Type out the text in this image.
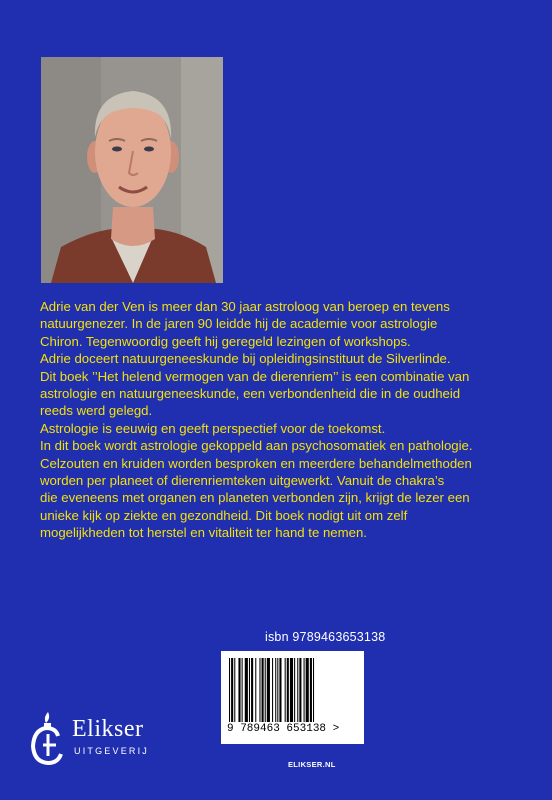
Adrie van der Ven is meer dan 30 jaar astroloog van beroep en tevens

natuurgenezer. In de jaren 90 leidde hij de academie voor astrologie

Chiron. Tegenwoordig geeft hij geregeld lezingen of workshops.

Adrie doceert natuurgeneeskunde bij opleidingsinstituut de Silverlinde.

Dit boek ’’Het helend vermogen van de dierenriem’’ is een combinatie van

astrologie en natuurgeneeskunde, een verbondenheid die in de oudheid

reeds werd gelegd.

Astrologie is eeuwig en geeft perspectief voor de toekomst.

In dit boek wordt astrologie gekoppeld aan psychosomatiek en pathologie.

Celzouten en kruiden worden besproken en meerdere behandelmethoden

worden per planeet of dierenriemteken uitgewerkt. Vanuit de chakra’s

die eveneens met organen en planeten verbonden zijn, krijgt de lezer een

unieke kijk op ziekte en gezondheid. Dit boek nodigt uit om zelf

mogelijkheden tot herstel en vitaliteit ter hand te nemen.

isbn 9789463653138
9 789463 653138 >
Elikser
UITGEVERIJ
ELIKSER.NL
